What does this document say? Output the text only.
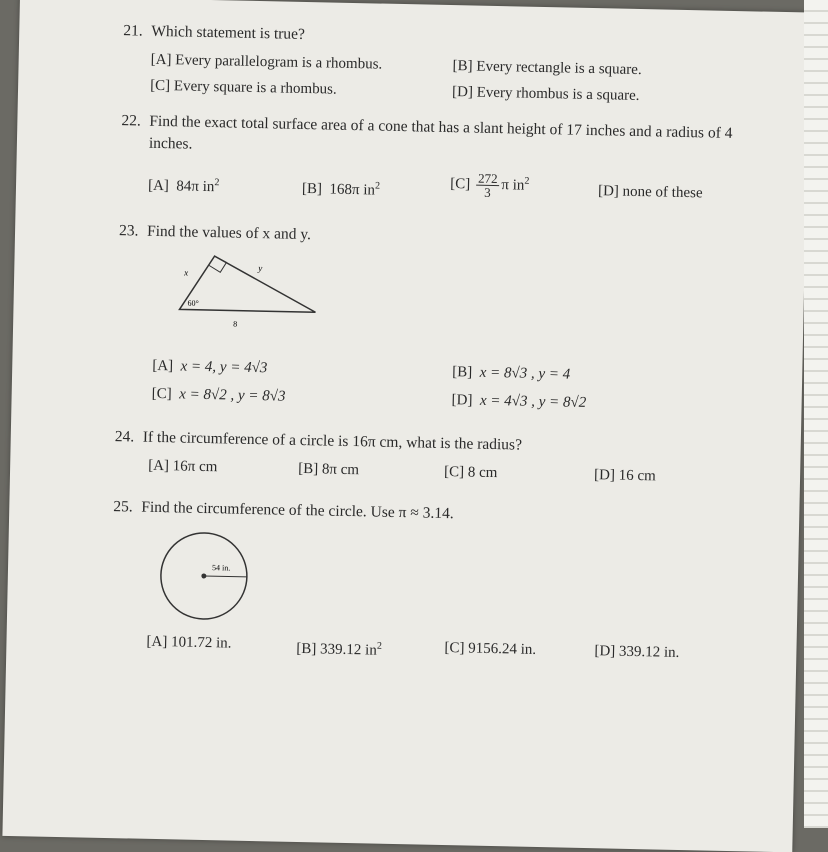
21. Which statement is true?
[A] Every parallelogram is a rhombus.	[B] Every rectangle is a square.
[C] Every square is a rhombus.	[D] Every rhombus is a square.
22. Find the exact total surface area of a cone that has a slant height of 17 inches and a radius of 4 inches.
[A] 84π $in^2$	[B] 168π $in^2$	$[C] \frac{272}{3}$ π $in^2$
[D] none of these
23. Find the values of x and y.
x	y
60°
8
[A] x = 4, y = 4√3	[B] x = 8√3 , y = 4
[C] x = 8√2 , y = 8√3	[D] x = 4√3 , y = 8√2
24. If the circumference of a circle is 16π cm, what is the radius?
[A] 16π cm	[B] 8π cm	[C] 8 cm	[D] 16 cm
25. Find the circumference of the circle. Use π ≈ 3.14.
54 in.
[A] 101.72 in.	[B] 339.12 $in^2$	[C] 9156.24 in.	[D] 339.12 in.
